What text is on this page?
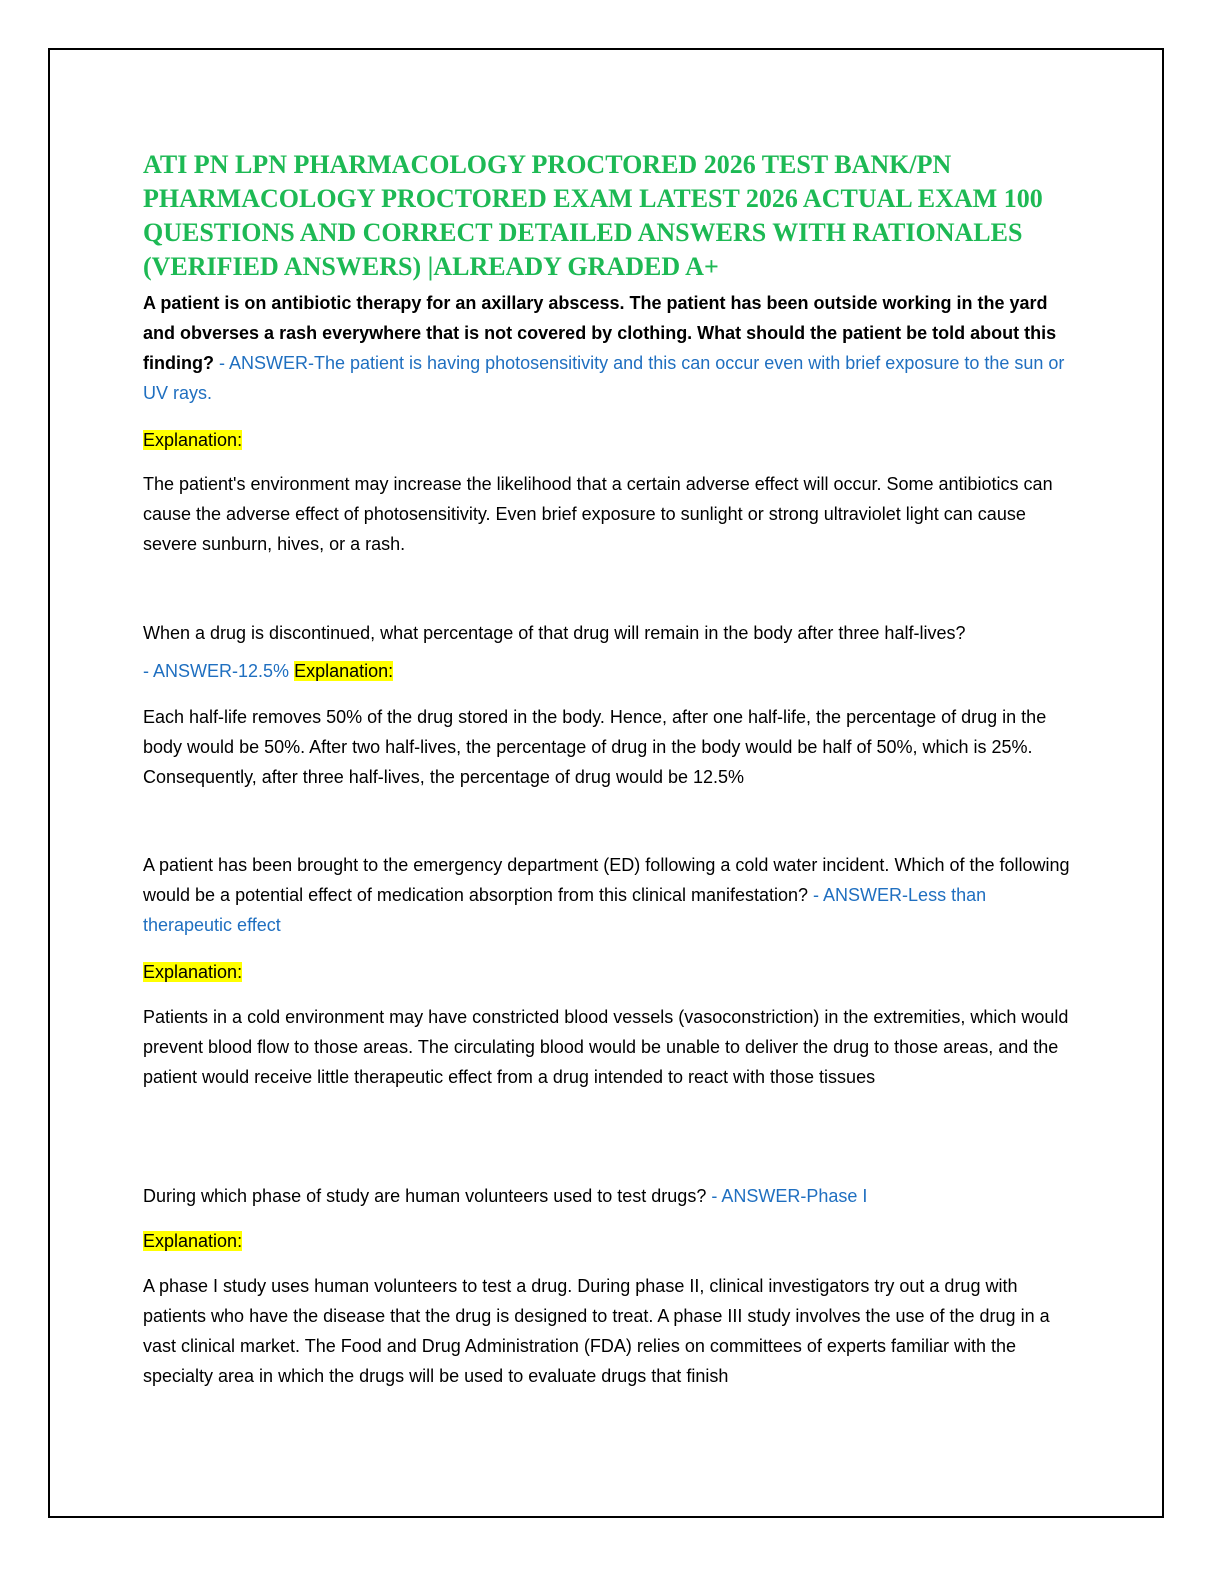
ATI PN LPN PHARMACOLOGY PROCTORED 2026 TEST BANK/PN PHARMACOLOGY PROCTORED EXAM LATEST 2026 ACTUAL EXAM 100 QUESTIONS AND CORRECT DETAILED ANSWERS WITH RATIONALES (VERIFIED ANSWERS) |ALREADY GRADED A+

A patient is on antibiotic therapy for an axillary abscess. The patient has been outside working in the yard and obverses a rash everywhere that is not covered by clothing. What should the patient be told about this finding? - ANSWER-The patient is having photosensitivity and this can occur even with brief exposure to the sun or UV rays.

Explanation:

The patient's environment may increase the likelihood that a certain adverse effect will occur. Some antibiotics can cause the adverse effect of photosensitivity. Even brief exposure to sunlight or strong ultraviolet light can cause severe sunburn, hives, or a rash.

When a drug is discontinued, what percentage of that drug will remain in the body after three half-lives?

- ANSWER-12.5% Explanation:

Each half-life removes 50% of the drug stored in the body. Hence, after one half-life, the percentage of drug in the body would be 50%. After two half-lives, the percentage of drug in the body would be half of 50%, which is 25%. Consequently, after three half-lives, the percentage of drug would be 12.5%

A patient has been brought to the emergency department (ED) following a cold water incident. Which of the following would be a potential effect of medication absorption from this clinical manifestation? - ANSWER-Less than therapeutic effect

Explanation:

Patients in a cold environment may have constricted blood vessels (vasoconstriction) in the extremities, which would prevent blood flow to those areas. The circulating blood would be unable to deliver the drug to those areas, and the patient would receive little therapeutic effect from a drug intended to react with those tissues

During which phase of study are human volunteers used to test drugs? - ANSWER-Phase I

Explanation:

A phase I study uses human volunteers to test a drug. During phase II, clinical investigators try out a drug with patients who have the disease that the drug is designed to treat. A phase III study involves the use of the drug in a vast clinical market. The Food and Drug Administration (FDA) relies on committees of experts familiar with the specialty area in which the drugs will be used to evaluate drugs that finish
